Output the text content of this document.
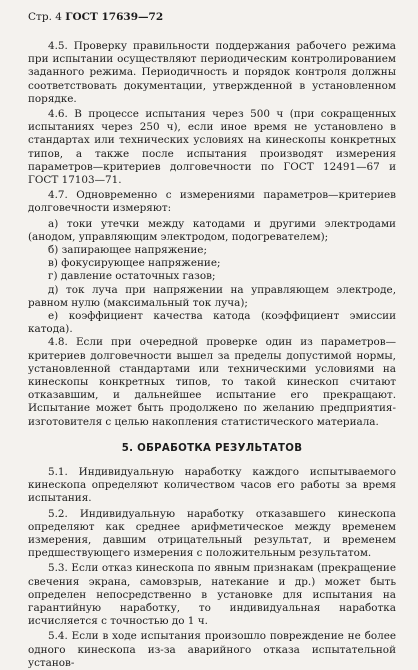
Стр. 4 ГОСТ 17639—72

4.5. Проверку правильности поддержания рабочего режима при испытании осуществляют периодическим контролированием заданного режима. Периодичность и порядок контроля должны соответствовать документации, утвержденной в установленном порядке.

4.6. В процессе испытания через 500 ч (при сокращенных испытаниях через 250 ч), если иное время не установлено в стандартах или технических условиях на кинескопы конкретных типов, а также после испытания производят измерения параметров—критериев долговечности по ГОСТ 12491—67 и ГОСТ 17103—71.

4.7. Одновременно с измерениями параметров—критериев долговечности измеряют:

а) токи утечки между катодами и другими электродами (анодом, управляющим электродом, подогревателем);

б) запирающее напряжение;

в) фокусирующее напряжение;

г) давление остаточных газов;

д) ток луча при напряжении на управляющем электроде, равном нулю (максимальный ток луча);

е) коэффициент качества катода (коэффициент эмиссии катода).

4.8. Если при очередной проверке один из параметров—критериев долговечности вышел за пределы допустимой нормы, установленной стандартами или техническими условиями на кинескопы конкретных типов, то такой кинескоп считают отказавшим, и дальнейшее испытание его прекращают. Испытание может быть продолжено по желанию предприятия-изготовителя с целью накопления статистического материала.

5. ОБРАБОТКА РЕЗУЛЬТАТОВ

5.1. Индивидуальную наработку каждого испытываемого кинескопа определяют количеством часов его работы за время испытания.

5.2. Индивидуальную наработку отказавшего кинескопа определяют как среднее арифметическое между временем измерения, давшим отрицательный результат, и временем предшествующего измерения с положительным результатом.

5.3. Если отказ кинескопа по явным признакам (прекращение свечения экрана, самовзрыв, натекание и др.) может быть определен непосредственно в установке для испытания на гарантийную наработку, то индивидуальная наработка исчисляется с точностью до 1 ч.

5.4. Если в ходе испытания произошло повреждение не более одного кинескопа из-за аварийного отказа испытательной установ-
